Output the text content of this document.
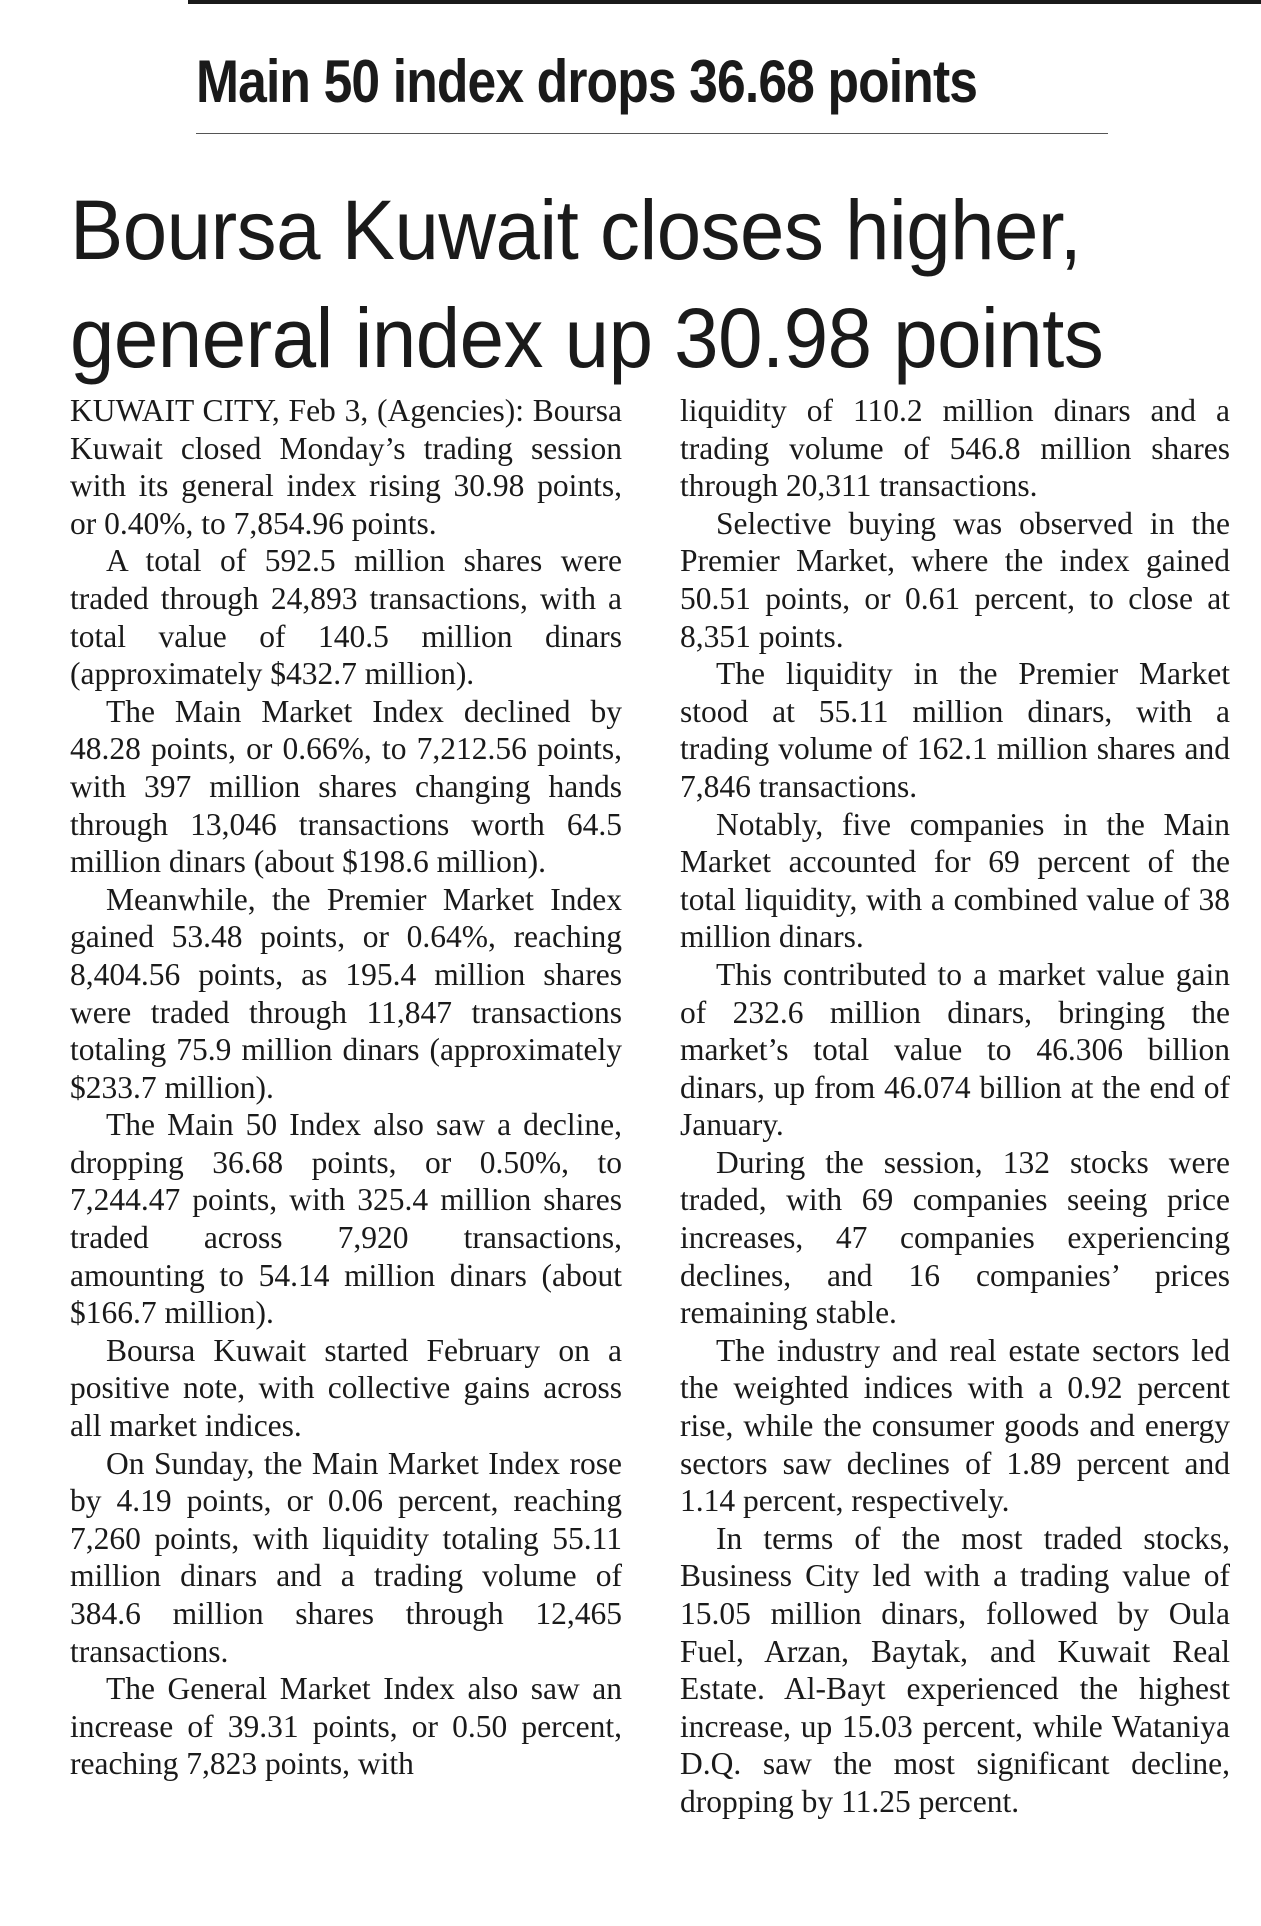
Main 50 index drops 36.68 points
Boursa Kuwait closes higher,
general index up 30.98 points

KUWAIT CITY, Feb 3, (Agencies): Boursa Kuwait closed Monday’s trading session with its general index rising 30.98 points, or 0.40%, to 7,854.96 points.

A total of 592.5 million shares were traded through 24,893 transactions, with a total value of 140.5 million dinars (approximately $432.7 million).

The Main Market Index declined by 48.28 points, or 0.66%, to 7,212.56 points, with 397 million shares changing hands through 13,046 transactions worth 64.5 million dinars (about $198.6 million).

Meanwhile, the Premier Market Index gained 53.48 points, or 0.64%, reaching 8,404.56 points, as 195.4 million shares were traded through 11,847 transactions totaling 75.9 million dinars (approximately $233.7 million).

The Main 50 Index also saw a decline, dropping 36.68 points, or 0.50%, to 7,244.47 points, with 325.4 million shares traded across 7,920 transactions, amounting to 54.14 million dinars (about $166.7 million).

Boursa Kuwait started February on a positive note, with collective gains across all market indices.

On Sunday, the Main Market Index rose by 4.19 points, or 0.06 percent, reaching 7,260 points, with liquidity totaling 55.11 million dinars and a trading volume of 384.6 million shares through 12,465 transactions.

The General Market Index also saw an increase of 39.31 points, or 0.50 percent, reaching 7,823 points, with

liquidity of 110.2 million dinars and a trading volume of 546.8 million shares through 20,311 transactions.

Selective buying was observed in the Premier Market, where the index gained 50.51 points, or 0.61 percent, to close at 8,351 points.

The liquidity in the Premier Market stood at 55.11 million dinars, with a trading volume of 162.1 million shares and 7,846 transactions.

Notably, five companies in the Main Market accounted for 69 percent of the total liquidity, with a combined value of 38 million dinars.

This contributed to a market value gain of 232.6 million dinars, bringing the market’s total value to 46.306 billion dinars, up from 46.074 billion at the end of January.

During the session, 132 stocks were traded, with 69 companies seeing price increases, 47 companies experiencing declines, and 16 companies’ prices remaining stable.

The industry and real estate sectors led the weighted indices with a 0.92 percent rise, while the consumer goods and energy sectors saw declines of 1.89 percent and 1.14 percent, respectively.

In terms of the most traded stocks, Business City led with a trading value of 15.05 million dinars, followed by Oula Fuel, Arzan, Baytak, and Kuwait Real Estate. Al-Bayt experienced the highest increase, up 15.03 percent, while Wataniya D.Q. saw the most significant decline, dropping by 11.25 percent.
